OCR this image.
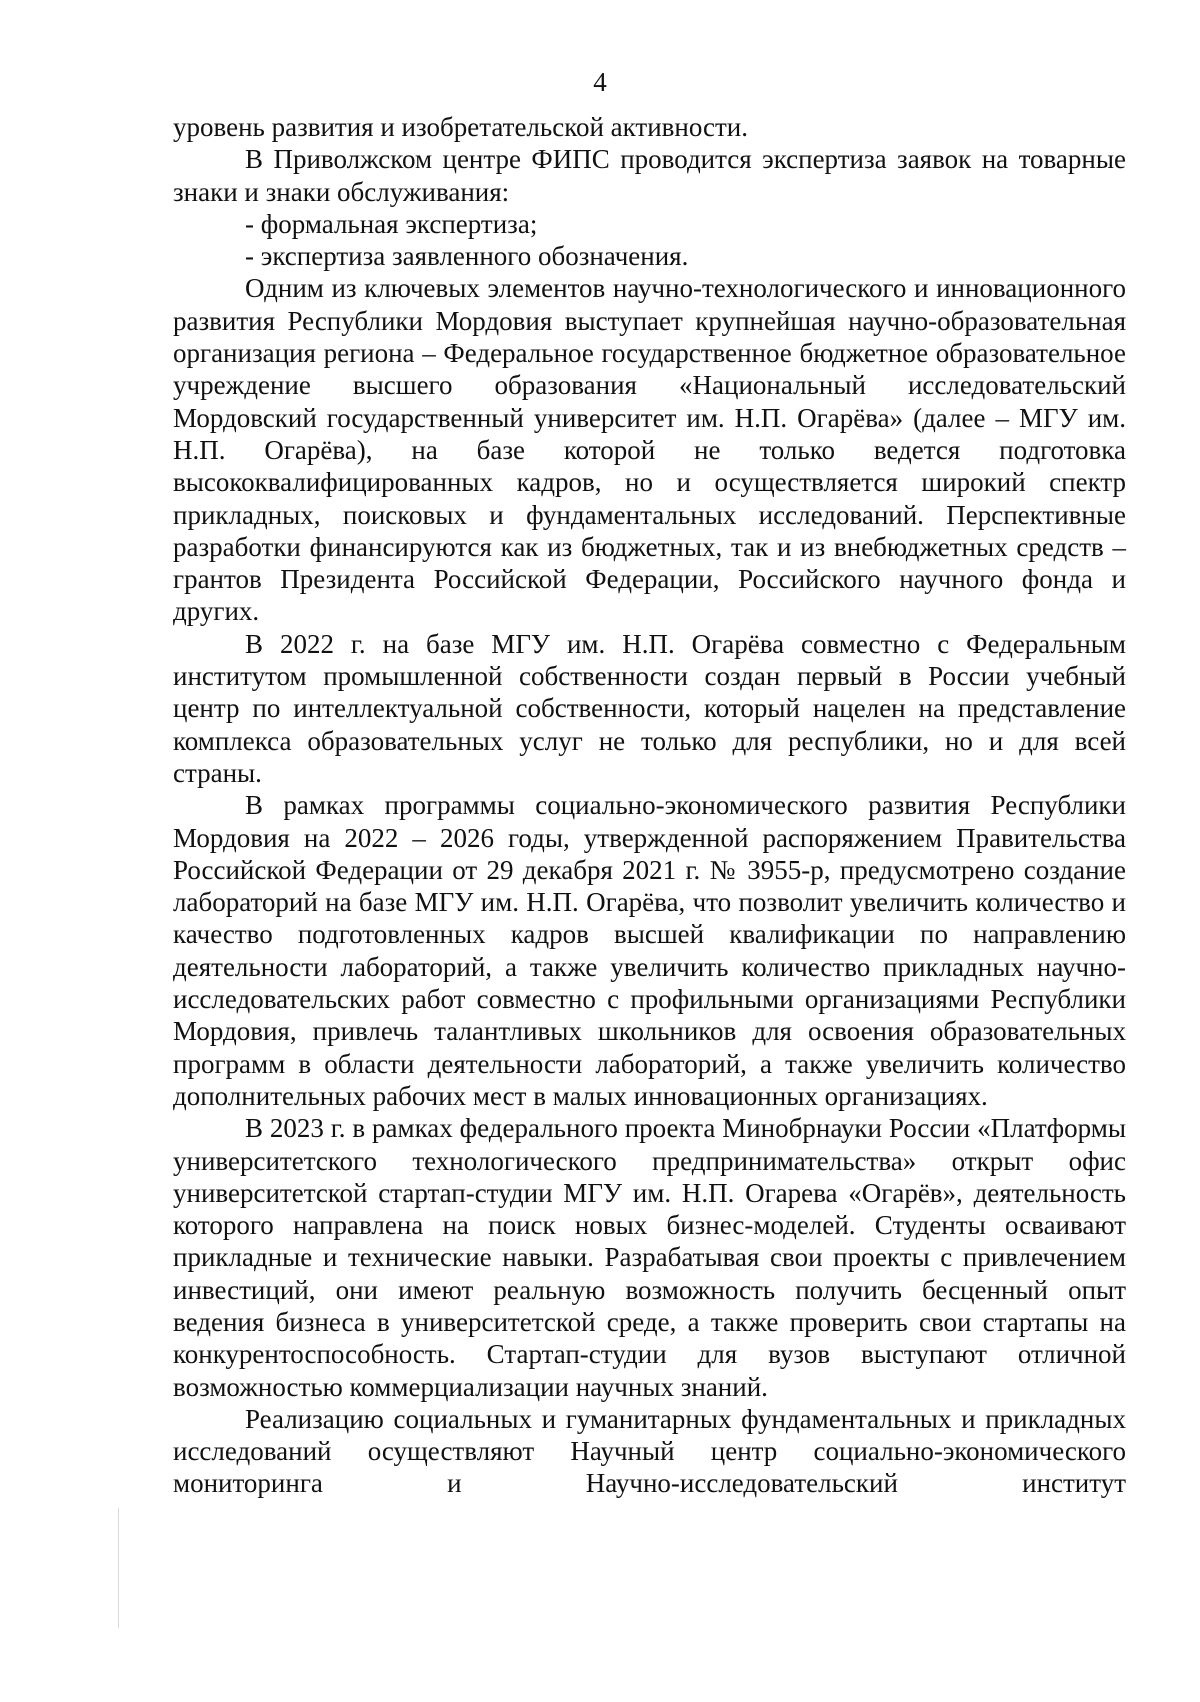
4

уровень развития и изобретательской активности.

В Приволжском центре ФИПС проводится экспертиза заявок на товарные знаки и знаки обслуживания:

- формальная экспертиза;

- экспертиза заявленного обозначения.

Одним из ключевых элементов научно-технологического и инновационного развития Республики Мордовия выступает крупнейшая научно-образовательная организация региона – Федеральное государственное бюджетное образовательное учреждение высшего образования «Национальный исследовательский Мордовский государственный университет им. Н.П. Огарёва» (далее – МГУ им. Н.П. Огарёва), на базе которой не только ведется подготовка высококвалифицированных кадров, но и осуществляется широкий спектр прикладных, поисковых и фундаментальных исследований. Перспективные разработки финансируются как из бюджетных, так и из внебюджетных средств – грантов Президента Российской Федерации, Российского научного фонда и других.

В 2022 г. на базе МГУ им. Н.П. Огарёва совместно с Федеральным институтом промышленной собственности создан первый в России учебный центр по интеллектуальной собственности, который нацелен на представление комплекса образовательных услуг не только для республики, но и для всей страны.

В рамках программы социально-экономического развития Республики Мордовия на 2022 – 2026 годы, утвержденной распоряжением Правительства Российской Федерации от 29 декабря 2021 г. № 3955-р, предусмотрено создание лабораторий на базе МГУ им. Н.П. Огарёва, что позволит увеличить количество и качество подготовленных кадров высшей квалификации по направлению деятельности лабораторий, а также увеличить количество прикладных научно-исследовательских работ совместно с профильными организациями Республики Мордовия, привлечь талантливых школьников для освоения образовательных программ в области деятельности лабораторий, а также увеличить количество дополнительных рабочих мест в малых инновационных организациях.

В 2023 г. в рамках федерального проекта Минобрнауки России «Платформы университетского технологического предпринимательства» открыт офис университетской стартап-студии МГУ им. Н.П. Огарева «Огарёв», деятельность которого направлена на поиск новых бизнес-моделей. Студенты осваивают прикладные и технические навыки. Разрабатывая свои проекты с привлечением инвестиций, они имеют реальную возможность получить бесценный опыт ведения бизнеса в университетской среде, а также проверить свои стартапы на конкурентоспособность. Стартап-студии для вузов выступают отличной возможностью коммерциализации научных знаний.

Реализацию социальных и гуманитарных фундаментальных и прикладных исследований осуществляют Научный центр социально-экономического мониторинга и Научно-исследовательский институт
